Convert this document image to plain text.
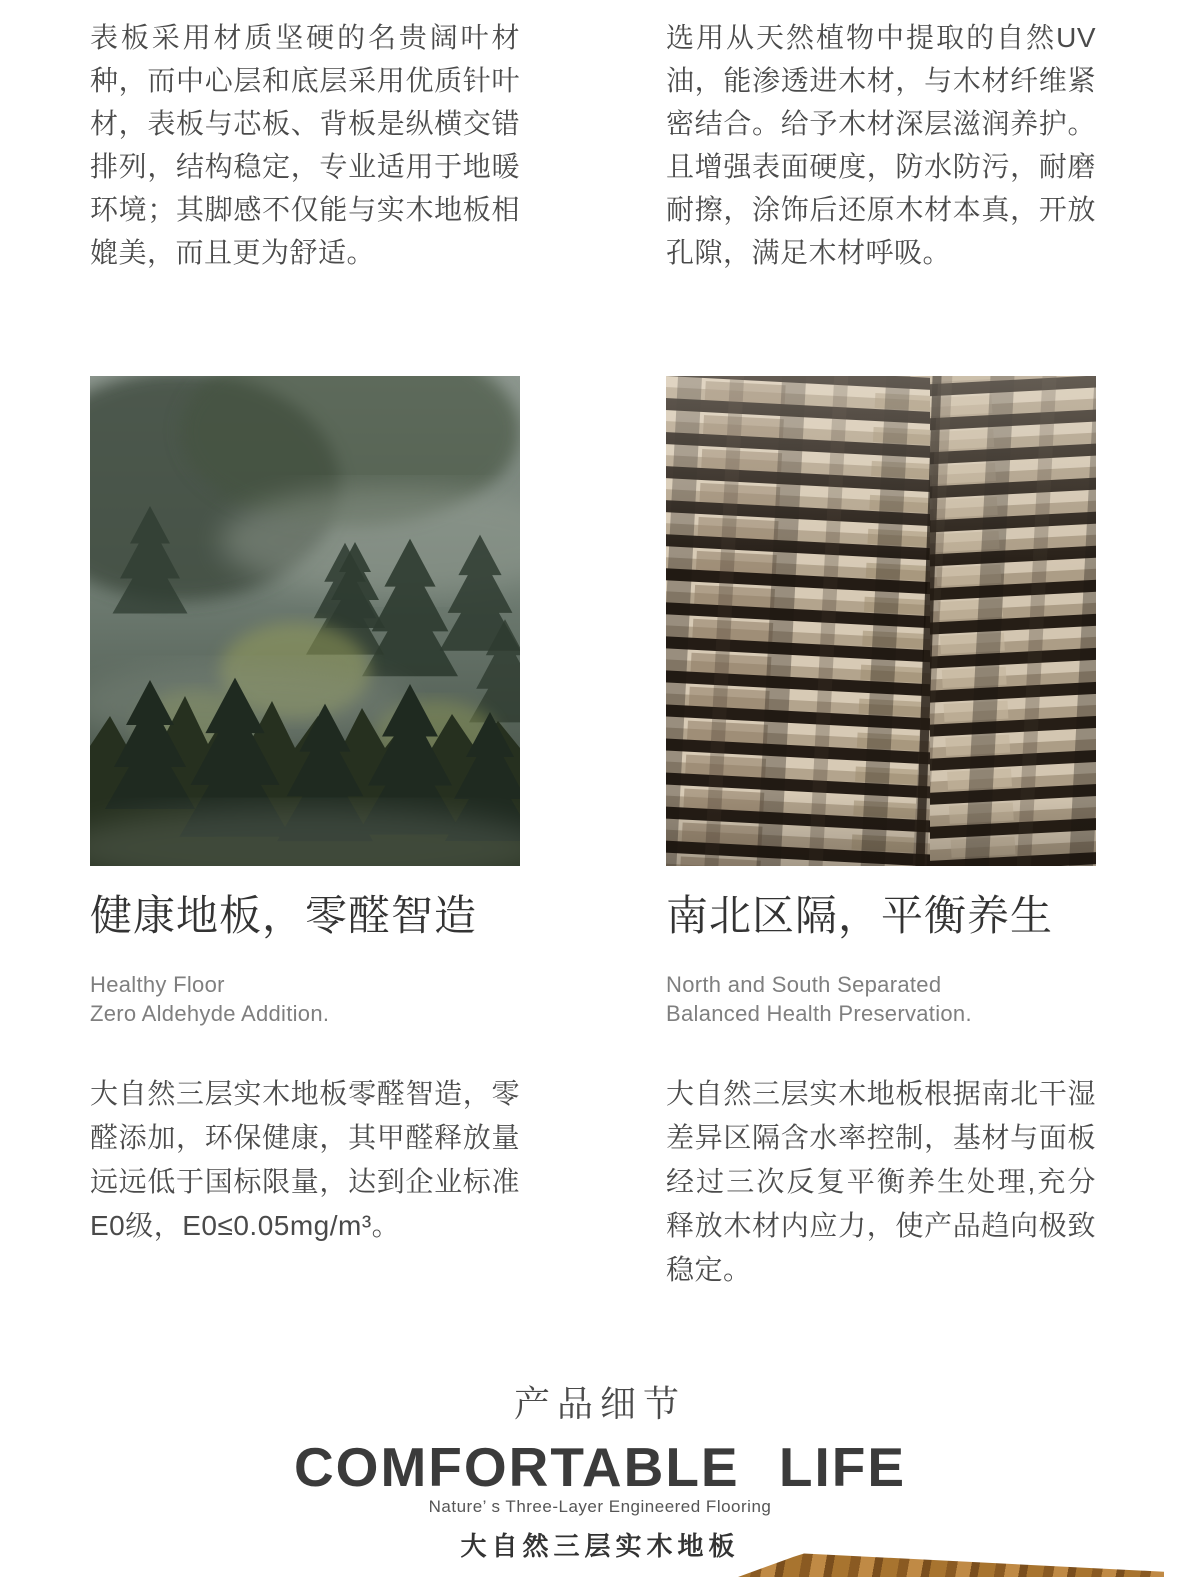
表板采用材质坚硬的名贵阔叶材种，而中心层和底层采用优质针叶材，表板与芯板、背板是纵横交错排列，结构稳定，专业适用于地暖环境；其脚感不仅能与实木地板相媲美，而且更为舒适。

选用从天然植物中提取的自然UV油，能渗透进木材，与木材纤维紧密结合。给予木材深层滋润养护。且增强表面硬度，防水防污，耐磨耐擦，涂饰后还原木材本真，开放孔隙，满足木材呼吸。

健康地板，零醛智造

Healthy Floor
Zero Aldehyde Addition.

大自然三层实木地板零醛智造，零醛添加，环保健康，其甲醛释放量远远低于国标限量，达到企业标准E0级，E0≤0.05mg/m³。

南北区隔，平衡养生

North and South Separated
Balanced Health Preservation.

大自然三层实木地板根据南北干湿差异区隔含水率控制，基材与面板经过三次反复平衡养生处理,充分释放木材内应力，使产品趋向极致稳定。

产品细节

COMFORTABLE LIFE

Nature’ s Three-Layer Engineered Flooring

大自然三层实木地板
